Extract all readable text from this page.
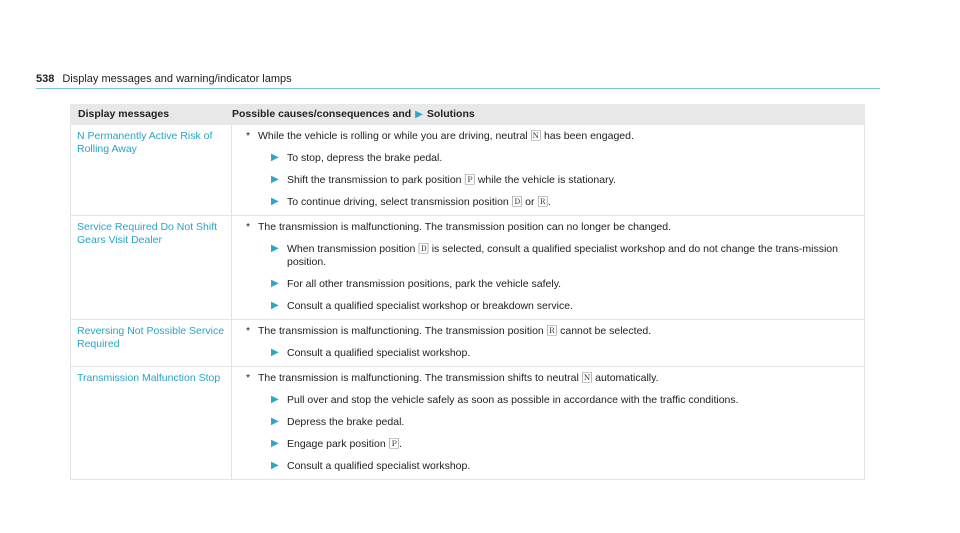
538 Display messages and warning/indicator lamps
Display messages	Possible causes/consequences and ▶ Solutions
N Permanently Active Risk of Rolling Away
* While the vehicle is rolling or while you are driving, neutral 🄽 has been engaged.
▶ To stop, depress the brake pedal.
▶ Shift the transmission to park position 🄿 while the vehicle is stationary.
▶ To continue driving, select transmission position 🄳 or 🅁.
Service Required Do Not Shift Gears Visit Dealer
* The transmission is malfunctioning. The transmission position can no longer be changed.
▶ When transmission position 🄳 is selected, consult a qualified specialist workshop and do not change the trans-mission position.
▶ For all other transmission positions, park the vehicle safely.
▶ Consult a qualified specialist workshop or breakdown service.
Reversing Not Possible Service Required
* The transmission is malfunctioning. The transmission position 🅁 cannot be selected.
▶ Consult a qualified specialist workshop.
Transmission Malfunction Stop	* The transmission is malfunctioning. The transmission shifts to neutral 🄽 automatically.
▶ Pull over and stop the vehicle safely as soon as possible in accordance with the traffic conditions.
▶ Depress the brake pedal.
▶ Engage park position 🄿.
▶ Consult a qualified specialist workshop.
